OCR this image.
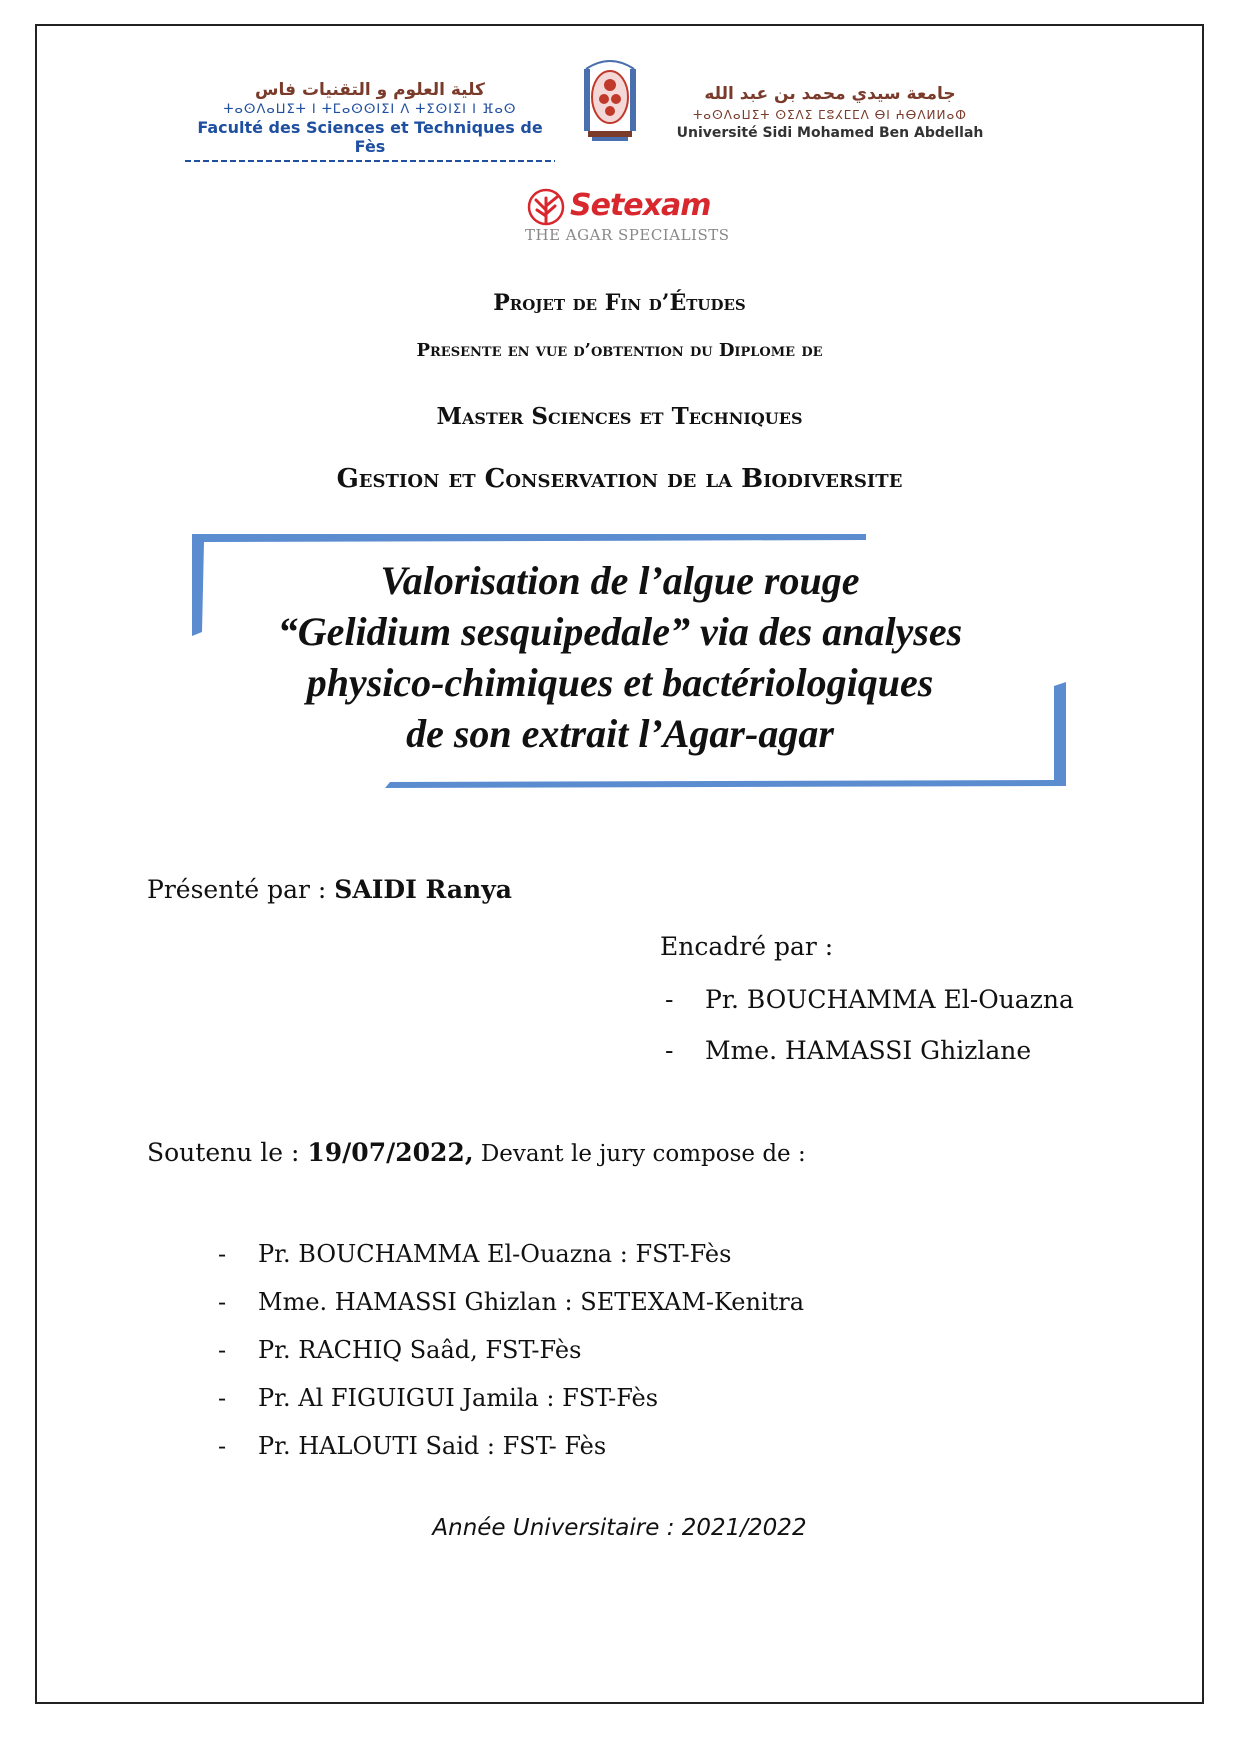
كلية العلوم و التقنيات فاس
ⵜⴰⵙⴷⴰⵡⵉⵜ ⵏ ⵜⵎⴰⵙⵙⵏⵉⵏ ⴷ ⵜⵉⵙⵏⵉⵏ ⵏ ⴼⴰⵙ
Faculté des Sciences et Techniques de Fès
جامعة سيدي محمد بن عبد الله
ⵜⴰⵙⴷⴰⵡⵉⵜ ⵙⵉⴷⵉ ⵎⵓⵃⵎⵎⴷ ⴱⵏ ⵄⴱⴷⵍⵍⴰⵀ
Université Sidi Mohamed Ben Abdellah
Setexam
THE AGAR SPECIALISTS
Projet de Fin d’Études
Presente en vue d’obtention du Diplome de
Master Sciences et Techniques
Gestion et Conservation de la Biodiversite
Valorisation de l’algue rouge
“Gelidium sesquipedale” via des analyses
physico-chimiques et bactériologiques
de son extrait l’Agar-agar
Présenté par : SAIDI Ranya
Encadré par :
-	Pr. BOUCHAMMA El-Ouazna
-	Mme. HAMASSI Ghizlane
Soutenu le : 19/07/2022, Devant le jury compose de :
-	Pr. BOUCHAMMA El-Ouazna : FST-Fès
-	Mme. HAMASSI Ghizlan : SETEXAM-Kenitra
-	Pr. RACHIQ Saâd, FST-Fès
-	Pr. Al FIGUIGUI Jamila : FST-Fès
-	Pr. HALOUTI Said : FST- Fès
Année Universitaire : 2021/2022
